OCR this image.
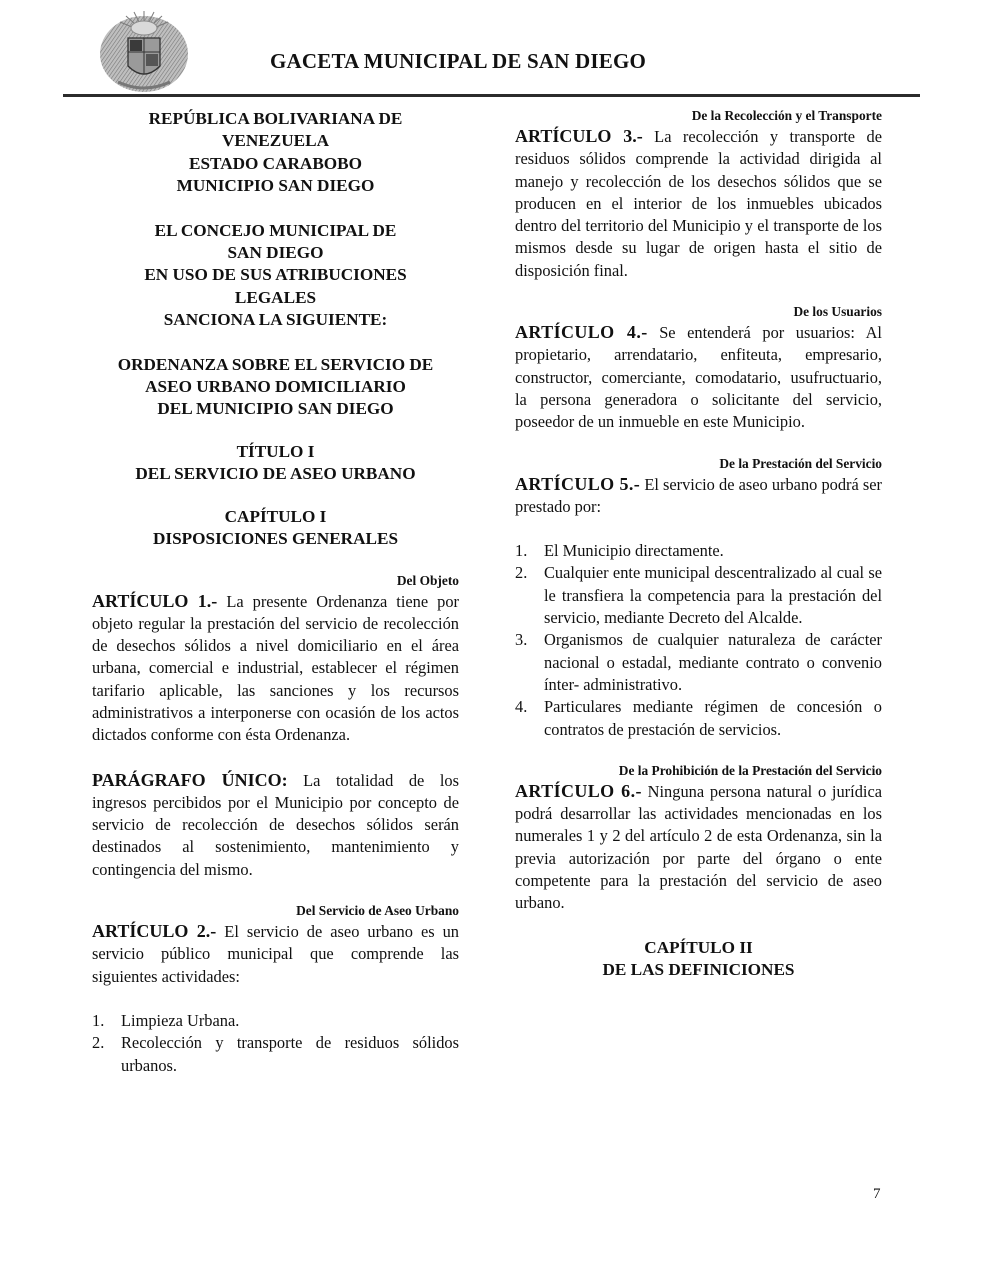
GACETA MUNICIPAL DE SAN DIEGO
REPÚBLICA BOLIVARIANA DE
VENEZUELA
ESTADO CARABOBO
MUNICIPIO SAN DIEGO
EL CONCEJO MUNICIPAL DE
SAN DIEGO
EN USO DE SUS ATRIBUCIONES
LEGALES
SANCIONA LA SIGUIENTE:
ORDENANZA SOBRE EL SERVICIO DE
ASEO URBANO DOMICILIARIO
DEL MUNICIPIO SAN DIEGO
TÍTULO I
DEL SERVICIO DE ASEO URBANO
CAPÍTULO I
DISPOSICIONES GENERALES
Del Objeto
ARTÍCULO 1.- La presente Ordenanza tiene por objeto regular la prestación del servicio de recolección de desechos sólidos a nivel domiciliario en el área urbana, comercial e industrial, establecer el régimen tarifario aplicable, las sanciones y los recursos administrativos a interponerse con ocasión de los actos dictados conforme con ésta Ordenanza.
PARÁGRAFO ÚNICO: La totalidad de los ingresos percibidos por el Municipio por concepto de servicio de recolección de desechos sólidos serán destinados al sostenimiento, mantenimiento y contingencia del mismo.
Del Servicio de Aseo Urbano
ARTÍCULO 2.- El servicio de aseo urbano es un servicio público municipal que comprende las siguientes actividades:
1. Limpieza Urbana.
2. Recolección y transporte de residuos sólidos urbanos.
De la Recolección y el Transporte
ARTÍCULO 3.- La recolección y transporte de residuos sólidos comprende la actividad dirigida al manejo y recolección de los desechos sólidos que se producen en el interior de los inmuebles ubicados dentro del territorio del Municipio y el transporte de los mismos desde su lugar de origen hasta el sitio de disposición final.
De los Usuarios
ARTÍCULO 4.- Se entenderá por usuarios: Al propietario, arrendatario, enfiteuta, empresario, constructor, comerciante, comodatario, usufructuario, la persona generadora o solicitante del servicio, poseedor de un inmueble en este Municipio.
De la Prestación del Servicio
ARTÍCULO 5.- El servicio de aseo urbano podrá ser prestado por:
1. El Municipio directamente.
2. Cualquier ente municipal descentralizado al cual se le transfiera la competencia para la prestación del servicio, mediante Decreto del Alcalde.
3. Organismos de cualquier naturaleza de carácter nacional o estadal, mediante contrato o convenio ínter- administrativo.
4. Particulares mediante régimen de concesión o contratos de prestación de servicios.
De la Prohibición de la Prestación del Servicio
ARTÍCULO 6.- Ninguna persona natural o jurídica podrá desarrollar las actividades mencionadas en los numerales 1 y 2 del artículo 2 de esta Ordenanza, sin la previa autorización por parte del órgano o ente competente para la prestación del servicio de aseo urbano.
CAPÍTULO II
DE LAS DEFINICIONES
7
